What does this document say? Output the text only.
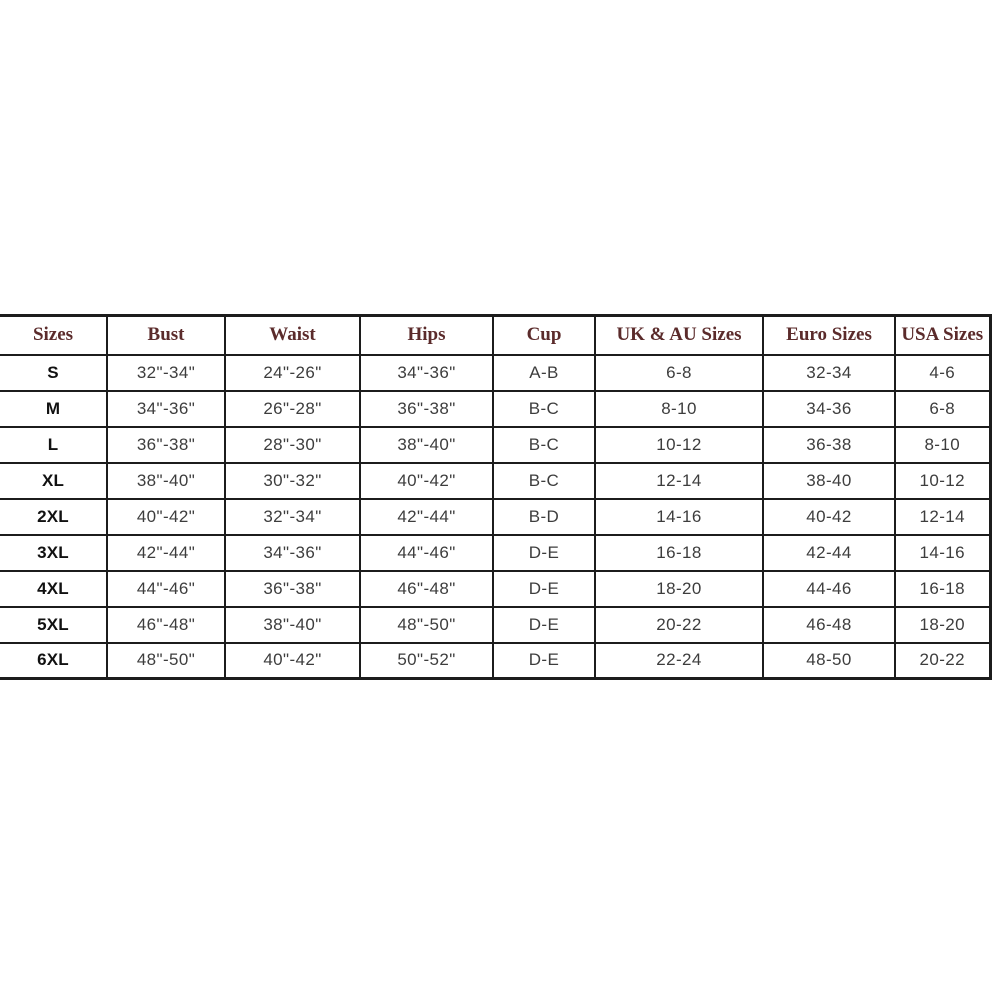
Sizes	Bust	Waist	Hips	Cup	UK & AU Sizes	Euro Sizes	USA Sizes
S	32"-34"	24"-26"	34"-36"	A-B	6-8	32-34	4-6
M	34"-36"	26"-28"	36"-38"	B-C	8-10	34-36	6-8
L	36"-38"	28"-30"	38"-40"	B-C	10-12	36-38	8-10
XL	38"-40"	30"-32"	40"-42"	B-C	12-14	38-40	10-12
2XL	40"-42"	32"-34"	42"-44"	B-D	14-16	40-42	12-14
3XL	42"-44"	34"-36"	44"-46"	D-E	16-18	42-44	14-16
4XL	44"-46"	36"-38"	46"-48"	D-E	18-20	44-46	16-18
5XL	46"-48"	38"-40"	48"-50"	D-E	20-22	46-48	18-20
6XL	48"-50"	40"-42"	50"-52"	D-E	22-24	48-50	20-22
